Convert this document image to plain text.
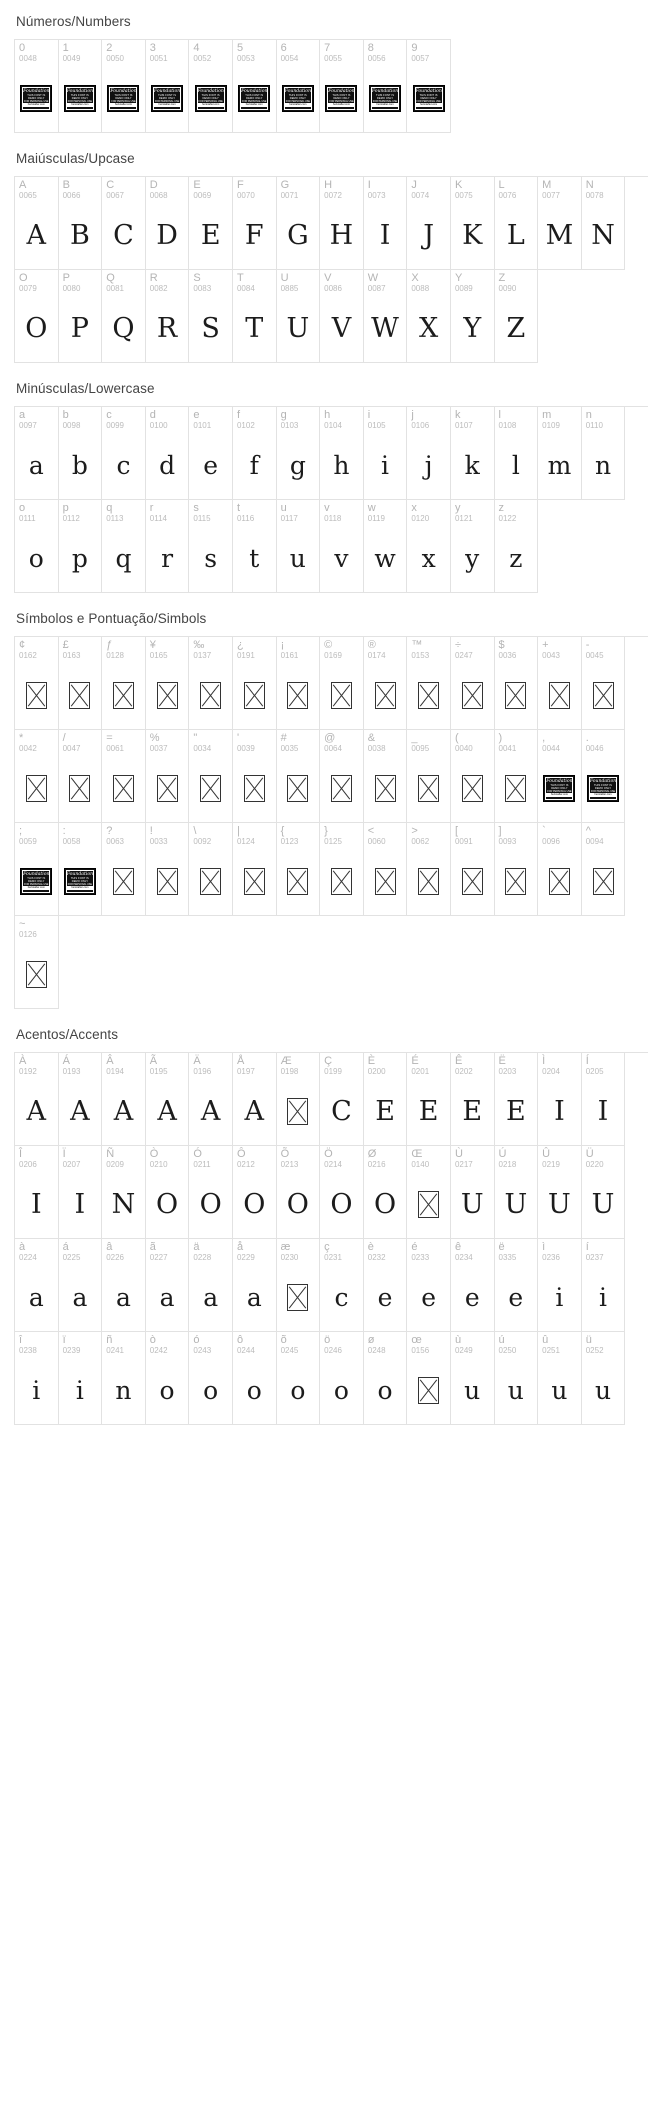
Números/Numbers
0
0048
Foundation
THIS FONT IS
DEMO ONLY
FOR PERSONAL USE
heriotafter.com
1
0049
Foundation
THIS FONT IS
DEMO ONLY
FOR PERSONAL USE
heriotafter.com
2
0050
Foundation
THIS FONT IS
DEMO ONLY
FOR PERSONAL USE
heriotafter.com
3
0051
Foundation
THIS FONT IS
DEMO ONLY
FOR PERSONAL USE
heriotafter.com
4
0052
Foundation
THIS FONT IS
DEMO ONLY
FOR PERSONAL USE
heriotafter.com
5
0053
Foundation
THIS FONT IS
DEMO ONLY
FOR PERSONAL USE
heriotafter.com
6
0054
Foundation
THIS FONT IS
DEMO ONLY
FOR PERSONAL USE
heriotafter.com
7
0055
Foundation
THIS FONT IS
DEMO ONLY
FOR PERSONAL USE
heriotafter.com
8
0056
Foundation
THIS FONT IS
DEMO ONLY
FOR PERSONAL USE
heriotafter.com
9
0057
Foundation
THIS FONT IS
DEMO ONLY
FOR PERSONAL USE
heriotafter.com
Maiúsculas/Upcase
A
0065
A
B
0066
B
C
0067
C
D
0068
D
E
0069
E
F
0070
F
G
0071
G
H
0072
H
I
0073
I
J
0074
J
K
0075
K
L
0076
L
M
0077
M
N
0078
N
O
0079
O
P
0080
P
Q
0081
Q
R
0082
R
S
0083
S
T
0084
T
U
0885
U
V
0086
V
W
0087
W
X
0088
X
Y
0089
Y
Z
0090
Z
Minúsculas/Lowercase
a
0097
a
b
0098
b
c
0099
c
d
0100
d
e
0101
e
f
0102
f
g
0103
g
h
0104
h
i
0105
i
j
0106
j
k
0107
k
l
0108
l
m
0109
m
n
0110
n
o
0111
o
p
0112
p
q
0113
q
r
0114
r
s
0115
s
t
0116
t
u
0117
u
v
0118
v
w
0119
w
x
0120
x
y
0121
y
z
0122
z
Símbolos e Pontuação/Simbols
¢
0162
£
0163
ƒ
0128
¥
0165
‰
0137
¿
0191
¡
0161
©
0169
®
0174
™
0153
÷
0247
$
0036
+
0043
-
0045
*
0042
/
0047
=
0061
%
0037
"
0034
'
0039
#
0035
@
0064
&
0038
_
0095
(
0040
)
0041
,
0044
Foundation
THIS FONT IS
DEMO ONLY
FOR PERSONAL USE
heriotafter.com
.
0046
Foundation
THIS FONT IS
DEMO ONLY
FOR PERSONAL USE
heriotafter.com
;
0059
Foundation
THIS FONT IS
DEMO ONLY
FOR PERSONAL USE
heriotafter.com
:
0058
Foundation
THIS FONT IS
DEMO ONLY
FOR PERSONAL USE
heriotafter.com
?
0063
!
0033
\
0092
|
0124
{
0123
}
0125
<
0060
>
0062
[
0091
]
0093
`
0096
^
0094
~
0126
Acentos/Accents
À
0192
A
Á
0193
A
Â
0194
A
Ã
0195
A
Ä
0196
A
Å
0197
A
Æ
0198
Ç
0199
C
È
0200
E
É
0201
E
Ê
0202
E
Ë
0203
E
Ì
0204
I
Í
0205
I
Î
0206
I
Ï
0207
I
Ñ
0209
N
Ò
0210
O
Ó
0211
O
Ô
0212
O
Õ
0213
O
Ö
0214
O
Ø
0216
O
Œ
0140
Ù
0217
U
Ú
0218
U
Û
0219
U
Ü
0220
U
à
0224
a
á
0225
a
â
0226
a
ã
0227
a
ä
0228
a
å
0229
a
æ
0230
ç
0231
c
è
0232
e
é
0233
e
ê
0234
e
ë
0335
e
ì
0236
i
í
0237
i
î
0238
i
ï
0239
i
ñ
0241
n
ò
0242
o
ó
0243
o
ô
0244
o
õ
0245
o
ö
0246
o
ø
0248
o
œ
0156
ù
0249
u
ú
0250
u
û
0251
u
ü
0252
u
